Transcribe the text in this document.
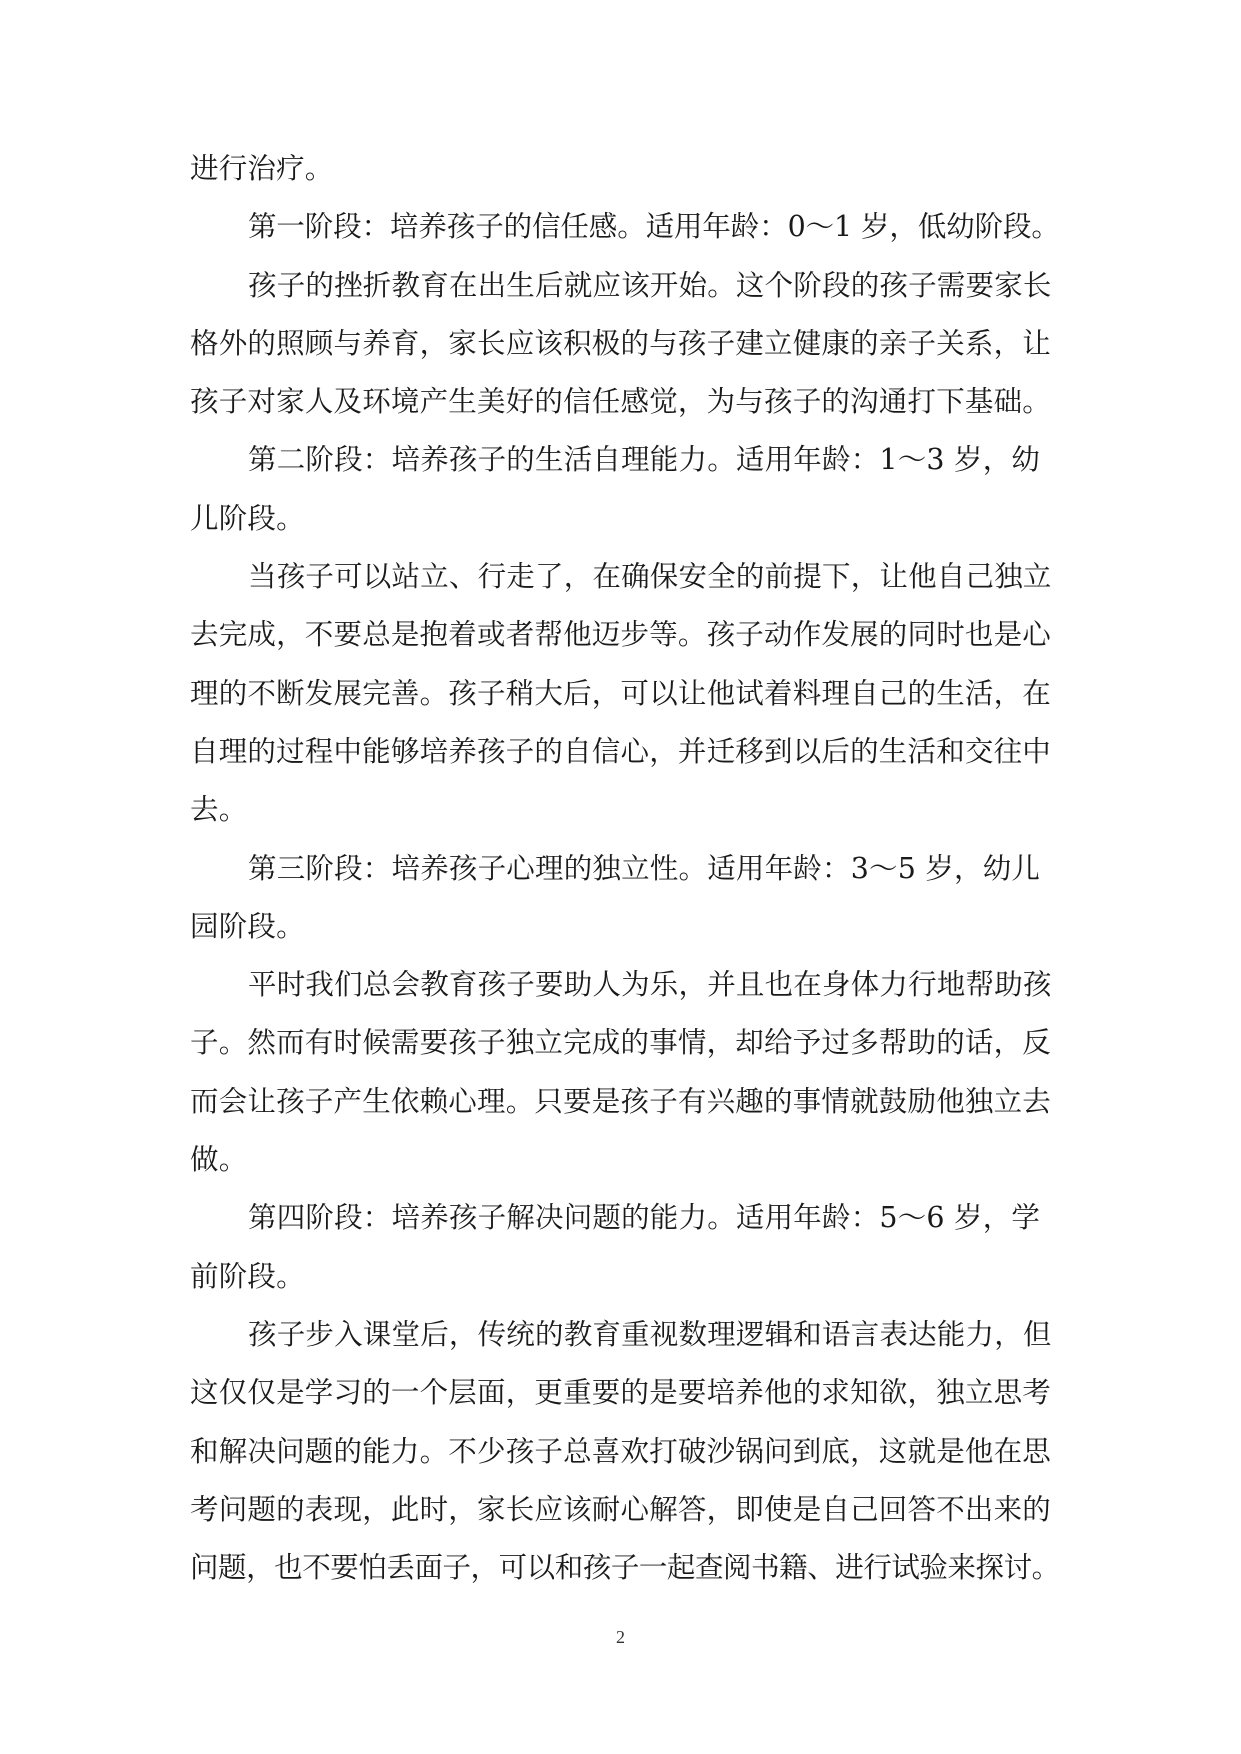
进行治疗。
第一阶段：培养孩子的信任感。适用年龄：0～1 岁，低幼阶段。
孩子的挫折教育在出生后就应该开始。这个阶段的孩子需要家长
格外的照顾与养育，家长应该积极的与孩子建立健康的亲子关系，让
孩子对家人及环境产生美好的信任感觉，为与孩子的沟通打下基础。
第二阶段：培养孩子的生活自理能力。适用年龄：1～3 岁，幼
儿阶段。
当孩子可以站立、行走了，在确保安全的前提下，让他自己独立
去完成，不要总是抱着或者帮他迈步等。孩子动作发展的同时也是心
理的不断发展完善。孩子稍大后，可以让他试着料理自己的生活，在
自理的过程中能够培养孩子的自信心，并迁移到以后的生活和交往中
去。
第三阶段：培养孩子心理的独立性。适用年龄：3～5 岁，幼儿
园阶段。
平时我们总会教育孩子要助人为乐，并且也在身体力行地帮助孩
子。然而有时候需要孩子独立完成的事情，却给予过多帮助的话，反
而会让孩子产生依赖心理。只要是孩子有兴趣的事情就鼓励他独立去
做。
第四阶段：培养孩子解决问题的能力。适用年龄：5～6 岁，学
前阶段。
孩子步入课堂后，传统的教育重视数理逻辑和语言表达能力，但
这仅仅是学习的一个层面，更重要的是要培养他的求知欲，独立思考
和解决问题的能力。不少孩子总喜欢打破沙锅问到底，这就是他在思
考问题的表现，此时，家长应该耐心解答，即使是自己回答不出来的
问题，也不要怕丢面子，可以和孩子一起查阅书籍、进行试验来探讨。
2
